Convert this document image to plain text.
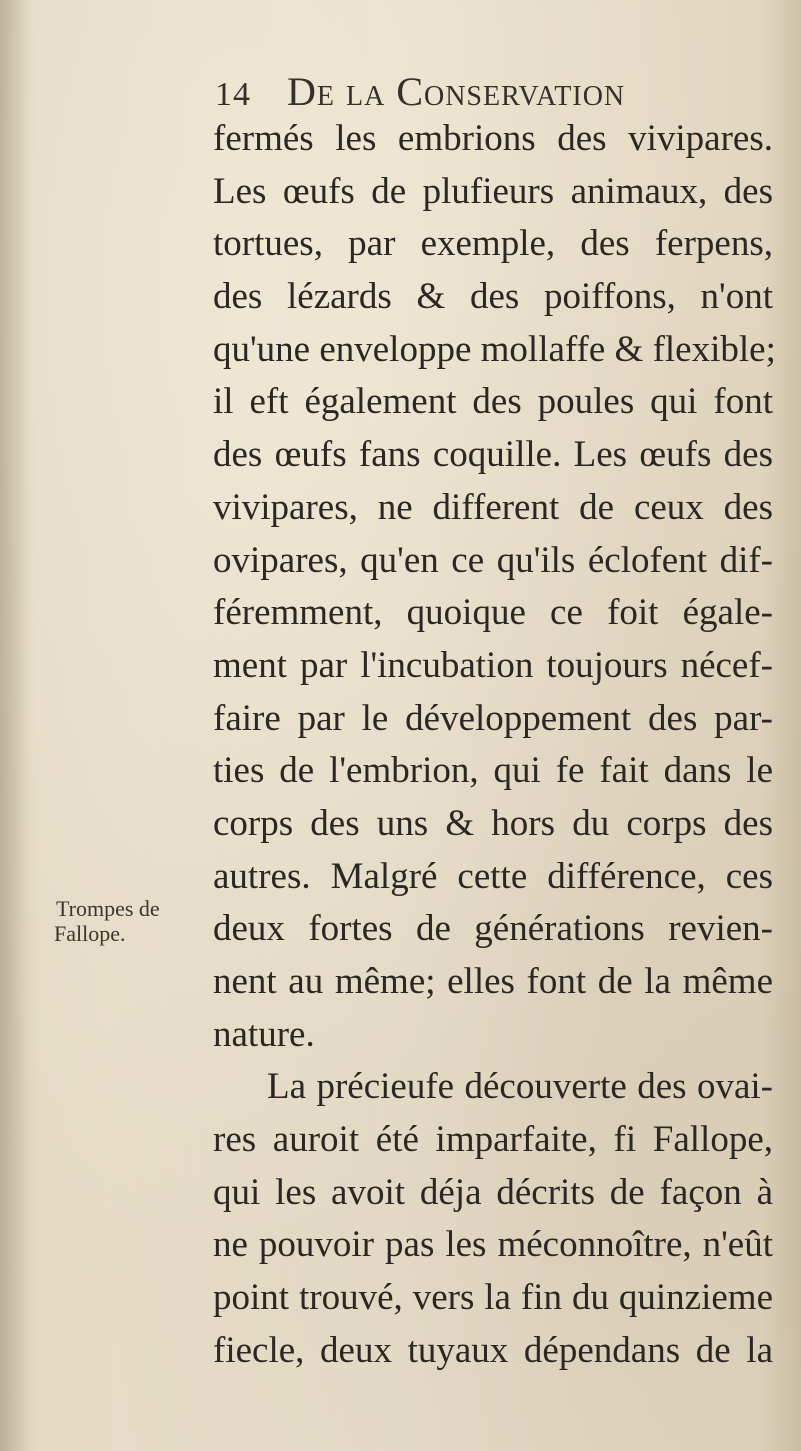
14 De la Conservation
fermés les embrions des vivipares.
Les œufs de plufieurs animaux, des
tortues, par exemple, des ferpens,
des lézards & des poiffons, n'ont
qu'une enveloppe mollaffe & flexible;
il eft également des poules qui font
des œufs fans coquille. Les œufs des
vivipares, ne different de ceux des
ovipares, qu'en ce qu'ils éclofent dif-
féremment, quoique ce foit égale-
ment par l'incubation toujours nécef-
faire par le développement des par-
ties de l'embrion, qui fe fait dans le
corps des uns & hors du corps des
autres. Malgré cette différence, ces
deux fortes de générations revien-
nent au même; elles font de la même
nature.
La précieufe découverte des ovai-
res auroit été imparfaite, fi Fallope,
qui les avoit déja décrits de façon à
ne pouvoir pas les méconnoître, n'eût
point trouvé, vers la fin du quinzieme
fiecle, deux tuyaux dépendans de la
Trompes de
Fallope.
